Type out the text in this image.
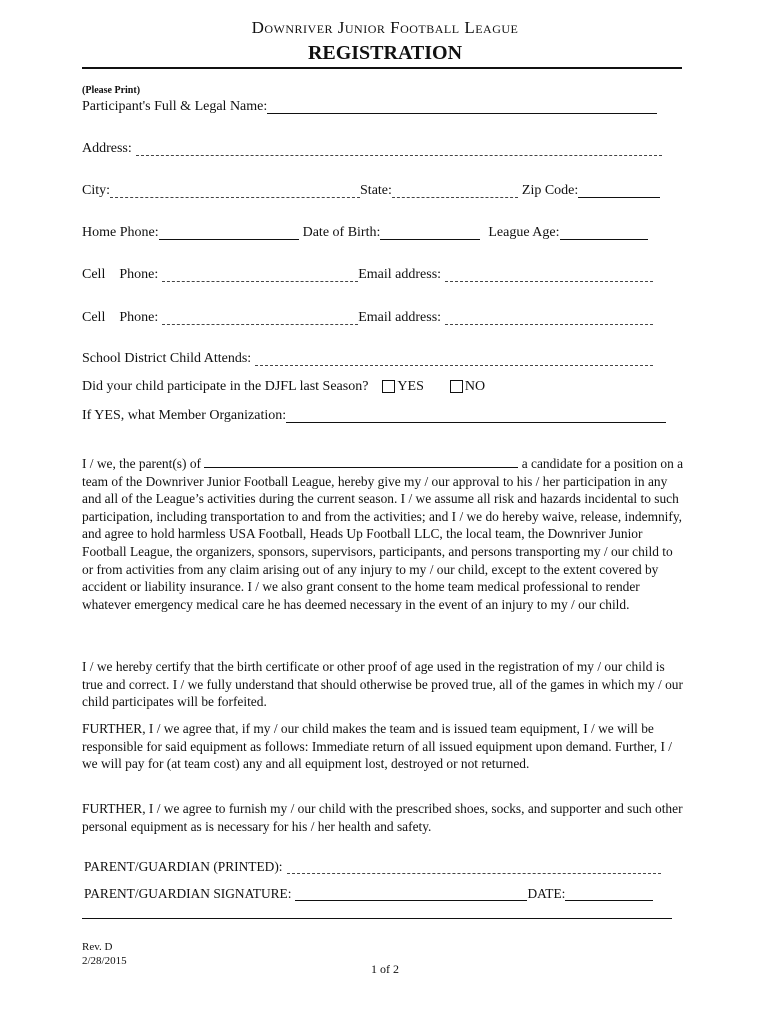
Downriver Junior Football League
REGISTRATION
(Please Print)
Participant's Full & Legal Name:
Address:
City:	State:	Zip Code:
Home Phone:	Date of Birth:	League Age:
Cell    Phone:	Email address:
Cell    Phone:	Email address:
School District Child Attends:
Did your child participate in the DJFL last Season? YES	NO
If YES, what Member Organization:
I / we, the parent(s) of	a candidate for a position on a team of the Downriver Junior Football League, hereby give my / our approval to his / her participation in any and all of the League’s activities during the current season. I / we assume all risk and hazards incidental to such participation, including transportation to and from the activities; and I / we do hereby waive, release, indemnify, and agree to hold harmless USA Football, Heads Up Football LLC, the local team, the Downriver Junior Football League, the organizers, sponsors, supervisors, participants, and persons transporting my / our child to or from activities from any claim arising out of any injury to my / our child, except to the extent covered by accident or liability insurance. I / we also grant consent to the home team medical professional to render whatever emergency medical care he has deemed necessary in the event of an injury to my / our child.
I / we hereby certify that the birth certificate or other proof of age used in the registration of my / our child is true and correct. I / we fully understand that should otherwise be proved true, all of the games in which my / our child participates will be forfeited.
FURTHER, I / we agree that, if my / our child makes the team and is issued team equipment, I / we will be responsible for said equipment as follows: Immediate return of all issued equipment upon demand. Further, I / we will pay for (at team cost) any and all equipment lost, destroyed or not returned.
FURTHER, I / we agree to furnish my / our child with the prescribed shoes, socks, and supporter and such other personal equipment as is necessary for his / her health and safety.
PARENT/GUARDIAN (PRINTED):
PARENT/GUARDIAN SIGNATURE:	DATE:
Rev. D
2/28/2015
1 of 2
